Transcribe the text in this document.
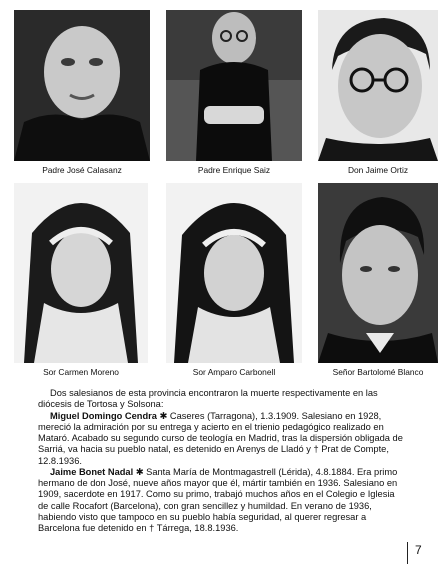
Padre José Calasanz	Padre Enrique Saiz	Don Jaime Ortiz
Sor Carmen Moreno	Sor Amparo Carbonell	Señor Bartolomé Blanco

Dos salesianos de esta provincia encontraron la muerte respectivamente en las diócesis de Tortosa y Solsona:

Miguel Domingo Cendra ✱ Caseres (Tarragona), 1.3.1909. Salesiano en 1928, mereció la admiración por su entrega y acierto en el trienio pedagógico realizado en Mataró. Acabado su segundo curso de teología en Madrid, tras la dispersión obligada de Sarriá, va hacia su pueblo natal, es detenido en Arenys de Lladó y † Prat de Compte, 12.8.1936.

Jaime Bonet Nadal ✱ Santa María de Montmagastrell (Lérida), 4.8.1884. Era primo hermano de don José, nueve años mayor que él, mártir también en 1936. Salesiano en 1909, sacerdote en 1917. Como su primo, trabajó muchos años en el Colegio e Iglesia de calle Rocafort (Barcelona), con gran sencillez y humildad. En verano de 1936, habiendo visto que tampoco en su pueblo había seguridad, al querer regresar a Barcelona fue detenido en † Tárrega, 18.8.1936.

7
